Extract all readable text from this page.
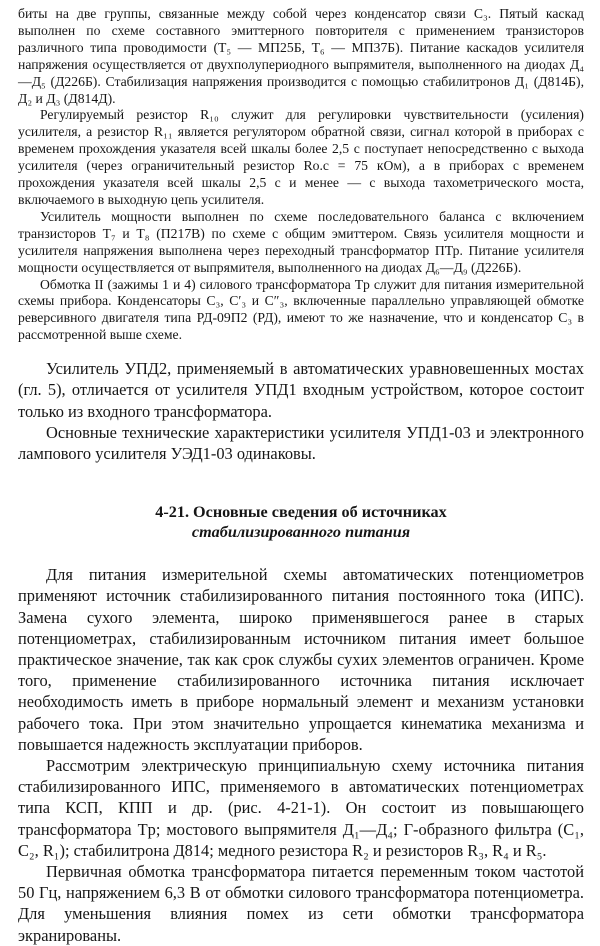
биты на две группы, связанные между собой через конденсатор связи C₃. Пятый каскад выполнен по схеме составного эмиттерного повторителя с применением транзисторов различного типа проводимости (T₅ — МП25Б, T₆ — МП37Б). Питание каскадов усилителя напряжения осуществляется от двухполупериодного выпрямителя, выполненного на диодах Д₄—Д₅ (Д226Б). Стабилизация напряжения производится с помощью стабилитронов Д₁ (Д814Б), Д₂ и Д₃ (Д814Д).

Регулируемый резистор R₁₀ служит для регулировки чувствительности (усиления) усилителя, а резистор R₁₁ является регулятором обратной связи, сигнал которой в приборах с временем прохождения указателя всей шкалы более 2,5 с поступает непосредственно с выхода усилителя (через ограничительный резистор Rо.с = 75 кОм), а в приборах с временем прохождения указателя всей шкалы 2,5 с и менее — с выхода тахометрического моста, включаемого в выходную цепь усилителя.

Усилитель мощности выполнен по схеме последовательного баланса с включением транзисторов T₇ и T₈ (П217В) по схеме с общим эмиттером. Связь усилителя мощности и усилителя напряжения выполнена через переходный трансформатор ПТр. Питание усилителя мощности осуществляется от выпрямителя, выполненного на диодах Д₆—Д₉ (Д226Б).

Обмотка II (зажимы 1 и 4) силового трансформатора Tр служит для питания измерительной схемы прибора. Конденсаторы C₃, C′₃ и C″₃, включенные параллельно управляющей обмотке реверсивного двигателя типа РД-09П2 (РД), имеют то же назначение, что и конденсатор C₃ в рассмотренной выше схеме.

Усилитель УПД2, применяемый в автоматических уравновешенных мостах (гл. 5), отличается от усилителя УПД1 входным устройством, которое состоит только из входного трансформатора.

Основные технические характеристики усилителя УПД1-03 и электронного лампового усилителя УЭД1-03 одинаковы.

4-21. Основные сведения об источниках
стабилизированного питания

Для питания измерительной схемы автоматических потенциометров применяют источник стабилизированного питания постоянного тока (ИПС). Замена сухого элемента, широко применявшегося ранее в старых потенциометрах, стабилизированным источником питания имеет большое практическое значение, так как срок службы сухих элементов ограничен. Кроме того, применение стабилизированного источника питания исключает необходимость иметь в приборе нормальный элемент и механизм установки рабочего тока. При этом значительно упрощается кинематика механизма и повышается надежность эксплуатации приборов.

Рассмотрим электрическую принципиальную схему источника питания стабилизированного ИПС, применяемого в автоматических потенциометрах типа КСП, КПП и др. (рис. 4-21-1). Он состоит из повышающего трансформатора Tр; мостового выпрямителя Д₁—Д₄; Г-образного фильтра (C₁, C₂, R₁); стабилитрона Д814; медного резистора R₂ и резисторов R₃, R₄ и R₅.

Первичная обмотка трансформатора питается переменным током частотой 50 Гц, напряжением 6,3 В от обмотки силового трансформатора потенциометра. Для уменьшения влияния помех из сети обмотки трансформатора экранированы.
